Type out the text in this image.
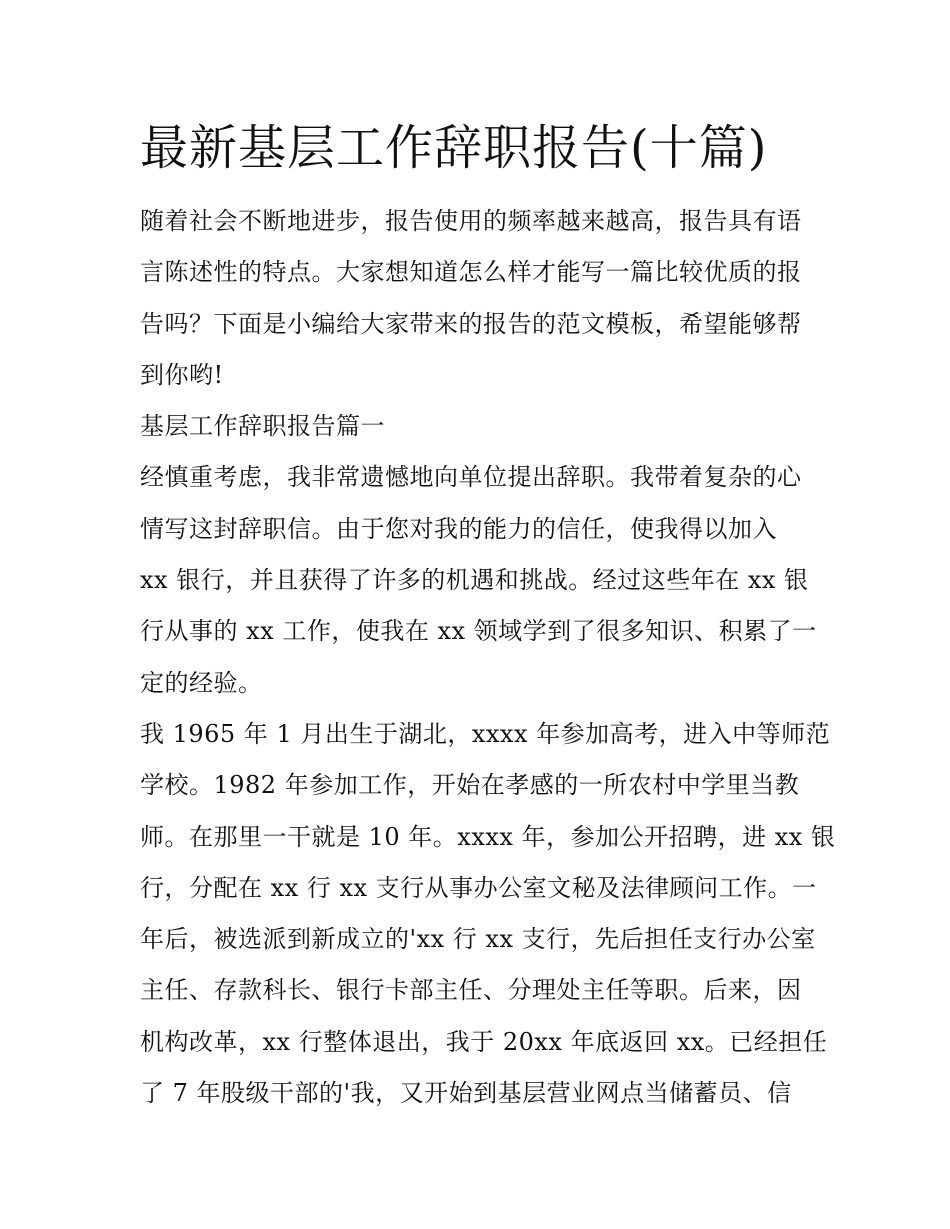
最新基层工作辞职报告(十篇)
随着社会不断地进步，报告使用的频率越来越高，报告具有语
言陈述性的特点。大家想知道怎么样才能写一篇比较优质的报
告吗？下面是小编给大家带来的报告的范文模板，希望能够帮
到你哟!
基层工作辞职报告篇一
经慎重考虑，我非常遗憾地向单位提出辞职。我带着复杂的心
情写这封辞职信。由于您对我的能力的信任，使我得以加入
xx 银行，并且获得了许多的机遇和挑战。经过这些年在 xx 银
行从事的 xx 工作，使我在 xx 领域学到了很多知识、积累了一
定的经验。
我 1965 年 1 月出生于湖北，xxxx 年参加高考，进入中等师范
学校。1982 年参加工作，开始在孝感的一所农村中学里当教
师。在那里一干就是 10 年。xxxx 年，参加公开招聘，进 xx 银
行，分配在 xx 行 xx 支行从事办公室文秘及法律顾问工作。一
年后，被选派到新成立的'xx 行 xx 支行，先后担任支行办公室
主任、存款科长、银行卡部主任、分理处主任等职。后来，因
机构改革，xx 行整体退出，我于 20xx 年底返回 xx。已经担任
了 7 年股级干部的'我，又开始到基层营业网点当储蓄员、信
